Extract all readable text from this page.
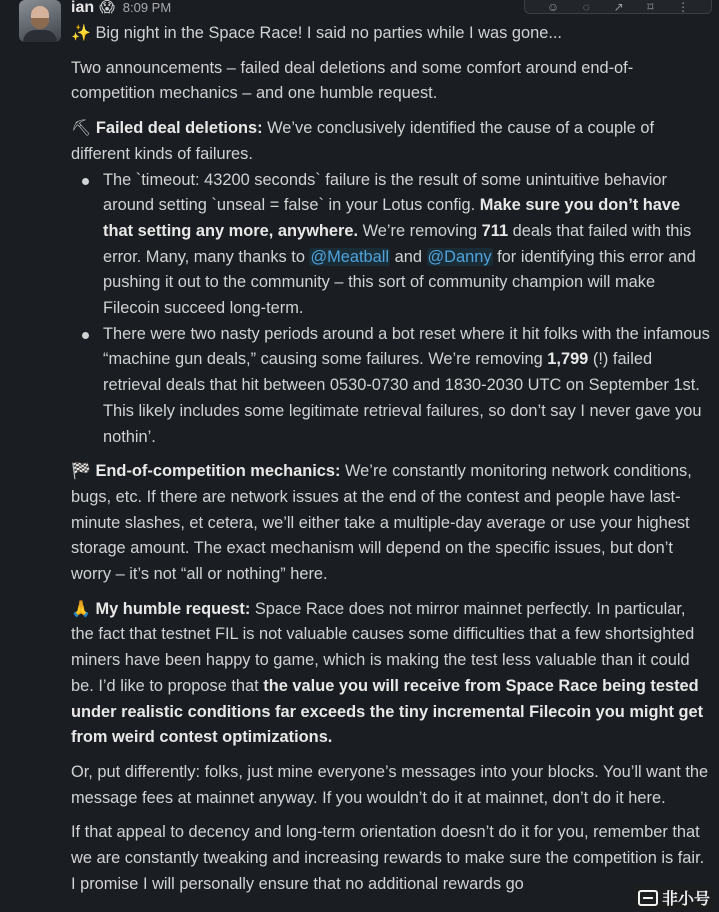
☺ ◌ ↗ ⌑ ⋮
ian 😱 8:09 PM

✨ Big night in the Space Race! I said no parties while I was gone...

Two announcements – failed deal deletions and some comfort around end-of-competition mechanics – and one humble request.

⛏ Failed deal deletions: We’ve conclusively identified the cause of a couple of different kinds of failures.

The `timeout: 43200 seconds` failure is the result of some unintuitive behavior around setting `unseal = false` in your Lotus config. Make sure you don’t have that setting any more, anywhere. We’re removing 711 deals that failed with this error. Many, many thanks to @Meatball and @Danny for identifying this error and pushing it out to the community – this sort of community champion will make Filecoin succeed long-term.
There were two nasty periods around a bot reset where it hit folks with the infamous “machine gun deals,” causing some failures. We’re removing 1,799 (!) failed retrieval deals that hit between 0530-0730 and 1830-2030 UTC on September 1st. This likely includes some legitimate retrieval failures, so don’t say I never gave you nothin’.

🏁 End-of-competition mechanics: We’re constantly monitoring network conditions, bugs, etc. If there are network issues at the end of the contest and people have last-minute slashes, et cetera, we’ll either take a multiple-day average or use your highest storage amount. The exact mechanism will depend on the specific issues, but don’t worry – it’s not “all or nothing” here.

🙏 My humble request: Space Race does not mirror mainnet perfectly. In particular, the fact that testnet FIL is not valuable causes some difficulties that a few shortsighted miners have been happy to game, which is making the test less valuable than it could be. I’d like to propose that the value you will receive from Space Race being tested under realistic conditions far exceeds the tiny incremental Filecoin you might get from weird contest optimizations.

Or, put differently: folks, just mine everyone’s messages into your blocks. You’ll want the message fees at mainnet anyway. If you wouldn’t do it at mainnet, don’t do it here.

If that appeal to decency and long-term orientation doesn’t do it for you, remember that we are constantly tweaking and increasing rewards to make sure the competition is fair. I promise I will personally ensure that no additional rewards go

非小号
